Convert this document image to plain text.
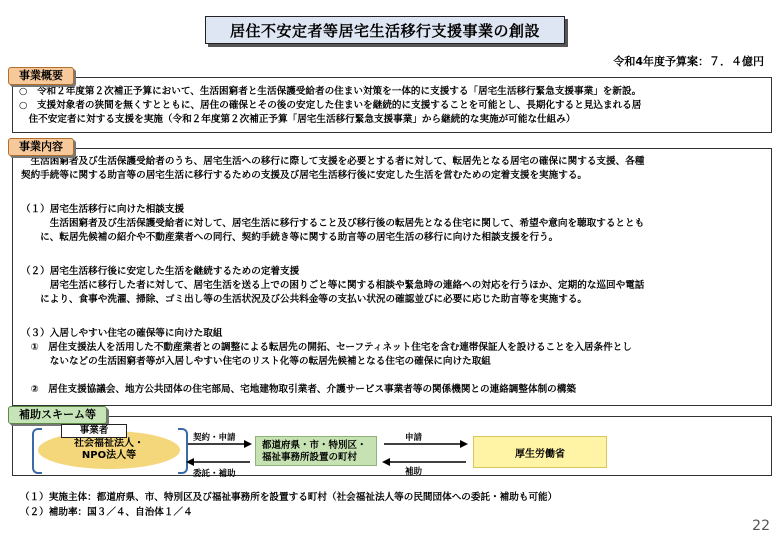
居住不安定者等居宅生活移行支援事業の創設
令和4年度予算案：７．４億円
事業概要
○　令和２年度第２次補正予算において、生活困窮者と生活保護受給者の住まい対策を一体的に支援する「居宅生活移行緊急支援事業」を新設。
○　支援対象者の狭間を無くすとともに、居住の確保とその後の安定した住まいを継続的に支援することを可能とし、長期化すると見込まれる居
　住不安定者に対する支援を実施（令和２年度第２次補正予算「居宅生活移行緊急支援事業」から継続的な実施が可能な仕組み）
事業内容
　生活困窮者及び生活保護受給者のうち、居宅生活への移行に際して支援を必要とする者に対して、転居先となる居宅の確保に関する支援、各種
契約手続等に関する助言等の居宅生活に移行するための支援及び居宅生活移行後に安定した生活を営むための定着支援を実施する。
（１）居宅生活移行に向けた相談支援
　　　生活困窮者及び生活保護受給者に対して、居宅生活に移行すること及び移行後の転居先となる住宅に関して、希望や意向を聴取するととも
　　に、転居先候補の紹介や不動産業者への同行、契約手続き等に関する助言等の居宅生活の移行に向けた相談支援を行う。
（２）居宅生活移行後に安定した生活を継続するための定着支援
　　　居宅生活に移行した者に対して、居宅生活を送る上での困りごと等に関する相談や緊急時の連絡への対応を行うほか、定期的な巡回や電話
　　により、食事や洗濯、掃除、ゴミ出し等の生活状況及び公共料金等の支払い状況の確認並びに必要に応じた助言等を実施する。
（３）入居しやすい住宅の確保等に向けた取組
　①　居住支援法人を活用した不動産業者との調整による転居先の開拓、セーフティネット住宅を含む連帯保証人を設けることを入居条件とし
　　　ないなどの生活困窮者等が入居しやすい住宅のリスト化等の転居先候補となる住宅の確保に向けた取組
　②　居住支援協議会、地方公共団体の住宅部局、宅地建物取引業者、介護サービス事業者等の関係機関との連絡調整体制の構築
補助スキーム等
社会福祉法人・
NPO法人等
事業者
契約・申請
委託・補助
都道府県・市・特別区・
福祉事務所設置の町村
申請
補助
厚生労働省
（１）実施主体：都道府県、市、特別区及び福祉事務所を設置する町村（社会福祉法人等の民間団体への委託・補助も可能）
（２）補助率：国３／４、自治体１／４
22
